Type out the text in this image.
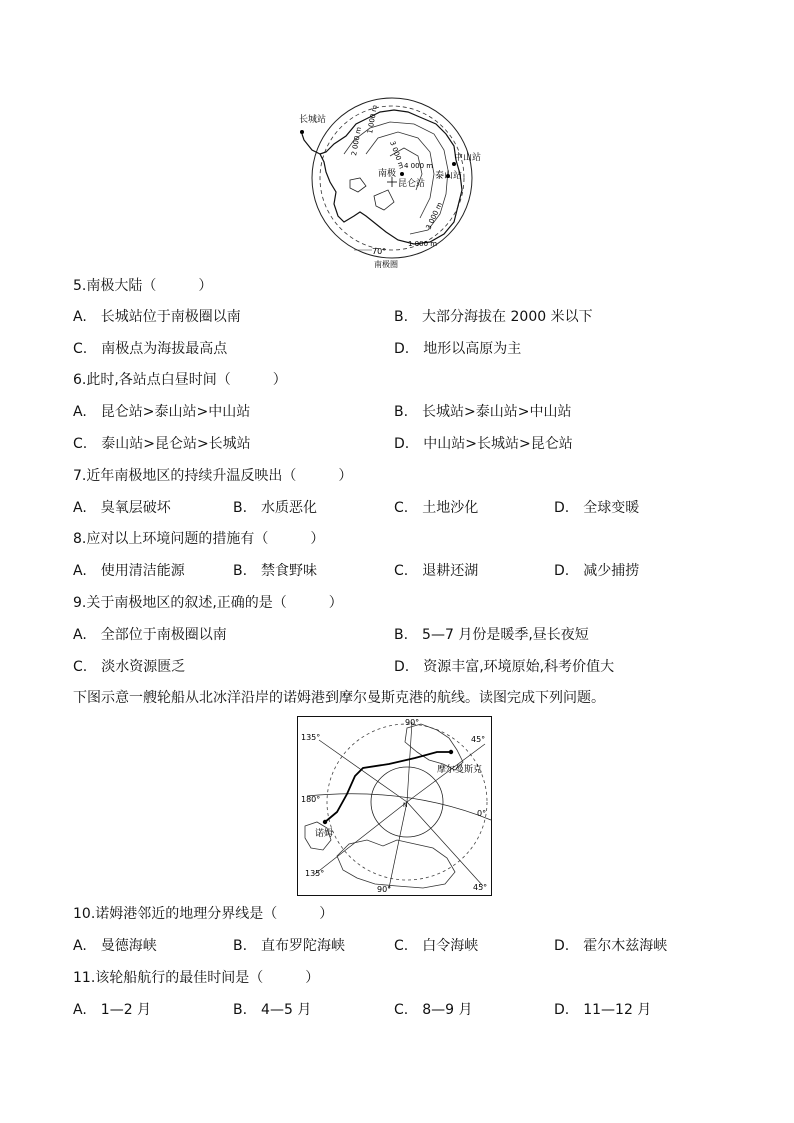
长城站
中山站
昆仑站
泰山站
南极
1 000 m
2 000 m	3 000 m
4 000 m
3 000 m
1 000 m
70°
南极圈
5.南极大陆（　　　）
A.　长城站位于南极圈以南	B.　大部分海拔在 2000 米以下
C.　南极点为海拔最高点	D.　地形以高原为主
6.此时,各站点白昼时间（　　　）
A.　昆仑站>泰山站>中山站	B.　长城站>泰山站>中山站
C.　泰山站>昆仑站>长城站	D.　中山站>长城站>昆仑站
7.近年南极地区的持续升温反映出（　　　）
A.　臭氧层破坏	B.　水质恶化	C.　土地沙化	D.　全球变暖
8.应对以上环境问题的措施有（　　　）
A.　使用清洁能源	B.　禁食野味	C.　退耕还湖	D.　减少捕捞
9.关于南极地区的叙述,正确的是（　　　）
A.　全部位于南极圈以南	B.　5—7 月份是暖季,昼长夜短
C.　淡水资源匮乏	D.　资源丰富,环境原始,科考价值大
下图示意一艘轮船从北冰洋沿岸的诺姆港到摩尔曼斯克港的航线。读图完成下列问题。
N
90°
135°	45°
180°
0°
135°
90°	45°
摩尔曼斯克
诺姆
10.诺姆港邻近的地理分界线是（　　　）
A.　曼德海峡	B.　直布罗陀海峡	C.　白令海峡	D.　霍尔木兹海峡
11.该轮船航行的最佳时间是（　　　）
A.　1—2 月	B.　4—5 月	C.　8—9 月	D.　11—12 月
